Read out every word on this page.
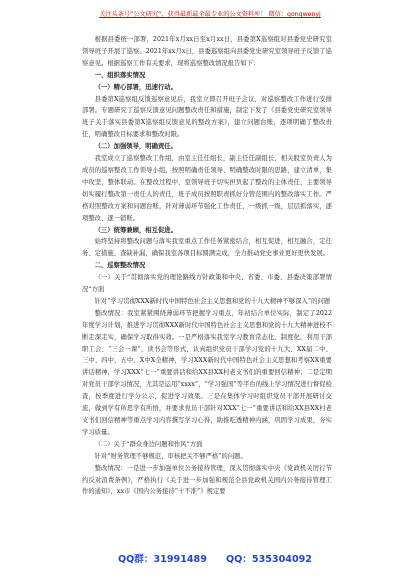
关注头条号“公文研究”，获得最新最全最专业的公文资料库！ 微信：gongwenyj

根据县委统一部署，2021年x月xx日至x月xx日，县委第X巡察组对县委党史研究室领导班子开展了巡察。2021年xx月x日，县委巡察组向县委党史研究室领导班子反馈了巡察意见。根据巡察工作有关要求，现将巡察整改情况报告如下：

一、组织落实情况

（一）精心部署，迅速行动。

县委第X巡察组反馈巡察意见后，我室立即召开班子会议，对巡察整改工作进行安排部署。专题研究了巡察反馈意见问题整改责任和措施，制定下发了《县委党史研究室领导班子关于落实县委第X巡察组反馈意见的整改方案》，建立问题台账，逐项明确了整改责任，明确整改目标要求和整改时限。

（二）加强领导，明确责任。

我室成立了巡察整改工作组，由室主任任组长，副主任任副组长，相关股室负责人为成员的巡察整改工作领导小组，按照明确责任领导、明确整改时限的思路，建立清单，集中攻坚，整体联动。在整改过程中，室领导班子切实担负起了整改的主体责任，主要领导切实履行整改第一责任人的责任，班子成员按照职责抓好分管范围内的整改落实工作。严格对照整改方案和问题台账，针对薄弱环节强化工作责任，一级抓一级，层层抓落实，逐项整改、逐一销账。

（三）统筹兼顾，相互促进。

始终坚持将整改问题与落实我室重点工作任务紧密结合，相互促进，相互融合，定任务、定措施、查缺补漏，确保我室各项目标圆满完成，全力推动党史事业更好更快发展。

二、巡察整改情况

（一）关于“贯彻落实党的理论路线方针政策和中央、省委、市委、县委决策部署情况”方面

针对“学习贯彻XXX新时代中国特色社会主义思想和党的十九大精神不够深入”的问题

整改情况：我室紧紧围绕薄弱环节把握学习重点，年初结合单位实际，制定了2022年度学习计划，推进学习贯彻XXX新时代中国特色社会主义思想和党的十九大精神进校不断走深走实，确保学习取得实效。一是严格落实我室学习教育常态化、制度化，利用干部职工会、“三会一课”，读书会等形式，认真组织党员干部学习党的十九大、XX届二中、三中、四中、五中、X中X全精神，学习XXX新时代中国特色社会主义思想和考察XX重要讲话精神，学习XXX“七一”重要讲话和给XX县XX村老支书们的重要回信精神；二是定期对党员干部学习情况，尤其是运用“xxxx”、“学习强国”等平台的线上学习情况进行督促检查，按季度进行学分公示，促进学习效果。三是在集体学习时组织党员干部开展研讨交流，做到学有所思学有所悟，并要求党员干部针对XXX“七一”重要讲话和给XX县XX村老支书们回信精神等重点学习内容撰写学习心得，助推吃透精神内涵，巩固学习成果，夯实学习质量。

（二）关于“群众身边问题和作风”方面

针对“财务管理不够规范，审核把关不够严格”的问题。

整改情况：一是进一步加强单位公务接待管理，深入贯彻落实中央《党政机关厉行节约反对浪费条例》，严格执行《关于进一步加强和规范全县党政机关国内公务接待管理工作的通知》，xx市《国内公务接待“十不准”》规定要

QQ群：31991489 QQ：535304092
